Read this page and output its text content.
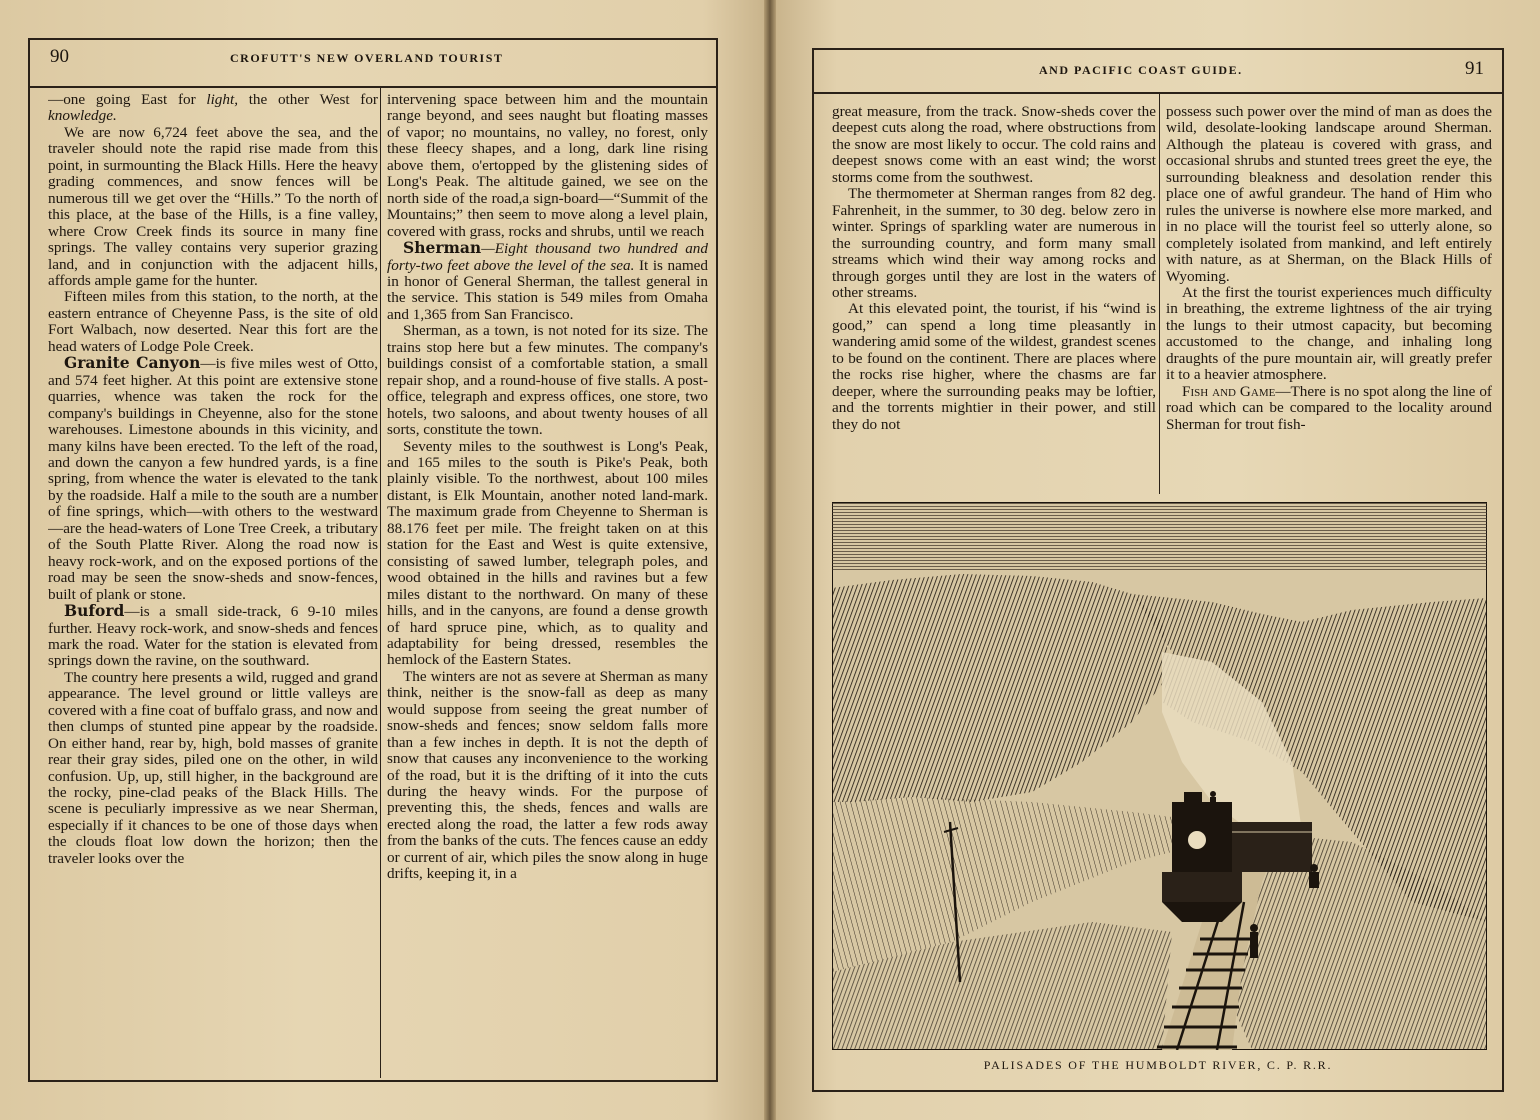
90	CROFUTT'S NEW OVERLAND TOURIST

—one going East for light, the other West for knowledge.

We are now 6,724 feet above the sea, and the traveler should note the rapid rise made from this point, in surmounting the Black Hills. Here the heavy grading commences, and snow fences will be numerous till we get over the “Hills.” To the north of this place, at the base of the Hills, is a fine valley, where Crow Creek finds its source in many fine springs. The valley contains very superior grazing land, and in conjunction with the adjacent hills, affords ample game for the hunter.

Fifteen miles from this station, to the north, at the eastern entrance of Cheyenne Pass, is the site of old Fort Walbach, now deserted. Near this fort are the head waters of Lodge Pole Creek.

Granite Canyon—is five miles west of Otto, and 574 feet higher. At this point are extensive stone quarries, whence was taken the rock for the company's buildings in Cheyenne, also for the stone warehouses. Limestone abounds in this vicinity, and many kilns have been erected. To the left of the road, and down the canyon a few hundred yards, is a fine spring, from whence the water is elevated to the tank by the roadside. Half a mile to the south are a number of fine springs, which—with others to the westward—are the head-waters of Lone Tree Creek, a tributary of the South Platte River. Along the road now is heavy rock-work, and on the exposed portions of the road may be seen the snow-sheds and snow-fences, built of plank or stone.

Buford—is a small side-track, 6 9-10 miles further. Heavy rock-work, and snow-sheds and fences mark the road. Water for the station is elevated from springs down the ravine, on the southward.

The country here presents a wild, rugged and grand appearance. The level ground or little valleys are covered with a fine coat of buffalo grass, and now and then clumps of stunted pine appear by the roadside. On either hand, rear by, high, bold masses of granite rear their gray sides, piled one on the other, in wild confusion. Up, up, still higher, in the background are the rocky, pine-clad peaks of the Black Hills. The scene is peculiarly impressive as we near Sherman, especially if it chances to be one of those days when the clouds float low down the horizon; then the traveler looks over the

intervening space between him and the mountain range beyond, and sees naught but floating masses of vapor; no mountains, no valley, no forest, only these fleecy shapes, and a long, dark line rising above them, o'ertopped by the glistening sides of Long's Peak. The altitude gained, we see on the north side of the road,a sign-board—“Summit of the Mountains;” then seem to move along a level plain, covered with grass, rocks and shrubs, until we reach

Sherman—Eight thousand two hundred and forty-two feet above the level of the sea. It is named in honor of General Sherman, the tallest general in the service. This station is 549 miles from Omaha and 1,365 from San Francisco.

Sherman, as a town, is not noted for its size. The trains stop here but a few minutes. The company's buildings consist of a comfortable station, a small repair shop, and a round-house of five stalls. A post-office, telegraph and express offices, one store, two hotels, two saloons, and about twenty houses of all sorts, constitute the town.

Seventy miles to the southwest is Long's Peak, and 165 miles to the south is Pike's Peak, both plainly visible. To the northwest, about 100 miles distant, is Elk Mountain, another noted land-mark. The maximum grade from Cheyenne to Sherman is 88.176 feet per mile. The freight taken on at this station for the East and West is quite extensive, consisting of sawed lumber, telegraph poles, and wood obtained in the hills and ravines but a few miles distant to the northward. On many of these hills, and in the canyons, are found a dense growth of hard spruce pine, which, as to quality and adaptability for being dressed, resembles the hemlock of the Eastern States.

The winters are not as severe at Sherman as many think, neither is the snow-fall as deep as many would suppose from seeing the great number of snow-sheds and fences; snow seldom falls more than a few inches in depth. It is not the depth of snow that causes any inconvenience to the working of the road, but it is the drifting of it into the cuts during the heavy winds. For the purpose of preventing this, the sheds, fences and walls are erected along the road, the latter a few rods away from the banks of the cuts. The fences cause an eddy or current of air, which piles the snow along in huge drifts, keeping it, in a

AND PACIFIC COAST GUIDE.	91

great measure, from the track. Snow-sheds cover the deepest cuts along the road, where obstructions from the snow are most likely to occur. The cold rains and deepest snows come with an east wind; the worst storms come from the southwest.

The thermometer at Sherman ranges from 82 deg. Fahrenheit, in the summer, to 30 deg. below zero in winter. Springs of sparkling water are numerous in the surrounding country, and form many small streams which wind their way among rocks and through gorges until they are lost in the waters of other streams.

At this elevated point, the tourist, if his “wind is good,” can spend a long time pleasantly in wandering amid some of the wildest, grandest scenes to be found on the continent. There are places where the rocks rise higher, where the chasms are far deeper, where the surrounding peaks may be loftier, and the torrents mightier in their power, and still they do not

possess such power over the mind of man as does the wild, desolate-looking landscape around Sherman. Although the plateau is covered with grass, and occasional shrubs and stunted trees greet the eye, the surrounding bleakness and desolation render this place one of awful grandeur. The hand of Him who rules the universe is nowhere else more marked, and in no place will the tourist feel so utterly alone, so completely isolated from mankind, and left entirely with nature, as at Sherman, on the Black Hills of Wyoming.

At the first the tourist experiences much difficulty in breathing, the extreme lightness of the air trying the lungs to their utmost capacity, but becoming accustomed to the change, and inhaling long draughts of the pure mountain air, will greatly prefer it to a heavier atmosphere.

Fish and Game—There is no spot along the line of road which can be compared to the locality around Sherman for trout fish-

PALISADES OF THE HUMBOLDT RIVER, C. P. R.R.
